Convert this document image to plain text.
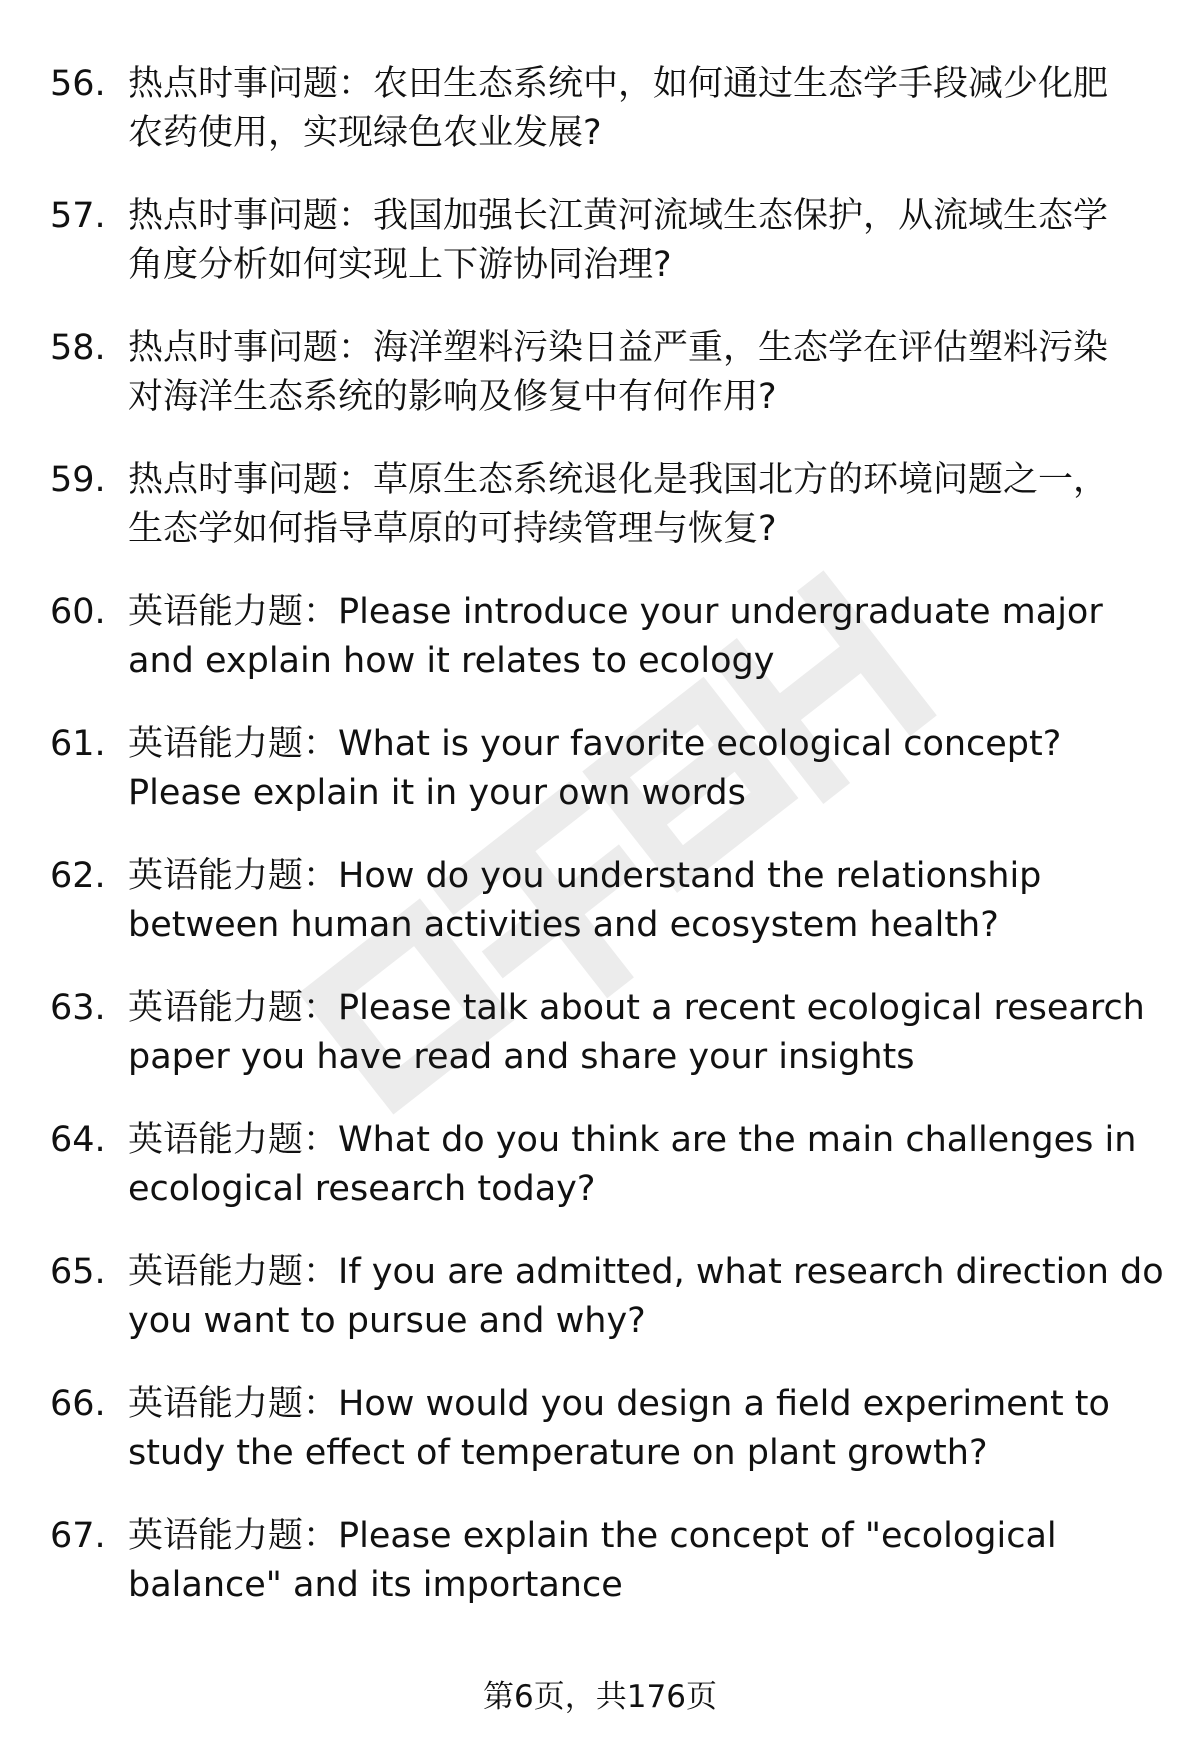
56. 热点时事问题：农田生态系统中，如何通过生态学手段减少化肥
农药使用，实现绿色农业发展?
57. 热点时事问题：我国加强长江黄河流域生态保护，从流域生态学
角度分析如何实现上下游协同治理?
58. 热点时事问题：海洋塑料污染日益严重，生态学在评估塑料污染
对海洋生态系统的影响及修复中有何作用?
59. 热点时事问题：草原生态系统退化是我国北方的环境问题之一，
生态学如何指导草原的可持续管理与恢复?
60. 英语能力题：Please introduce your undergraduate major
and explain how it relates to ecology
61. 英语能力题：What is your favorite ecological concept?
Please explain it in your own words
62. 英语能力题：How do you understand the relationship
between human activities and ecosystem health?
63. 英语能力题：Please talk about a recent ecological research
paper you have read and share your insights
64. 英语能力题：What do you think are the main challenges in
ecological research today?
65. 英语能力题：If you are admitted, what research direction do
you want to pursue and why?
66. 英语能力题：How would you design a field experiment to
study the effect of temperature on plant growth?
67. 英语能力题：Please explain the concept of "ecological
balance" and its importance
第6页，共176页
